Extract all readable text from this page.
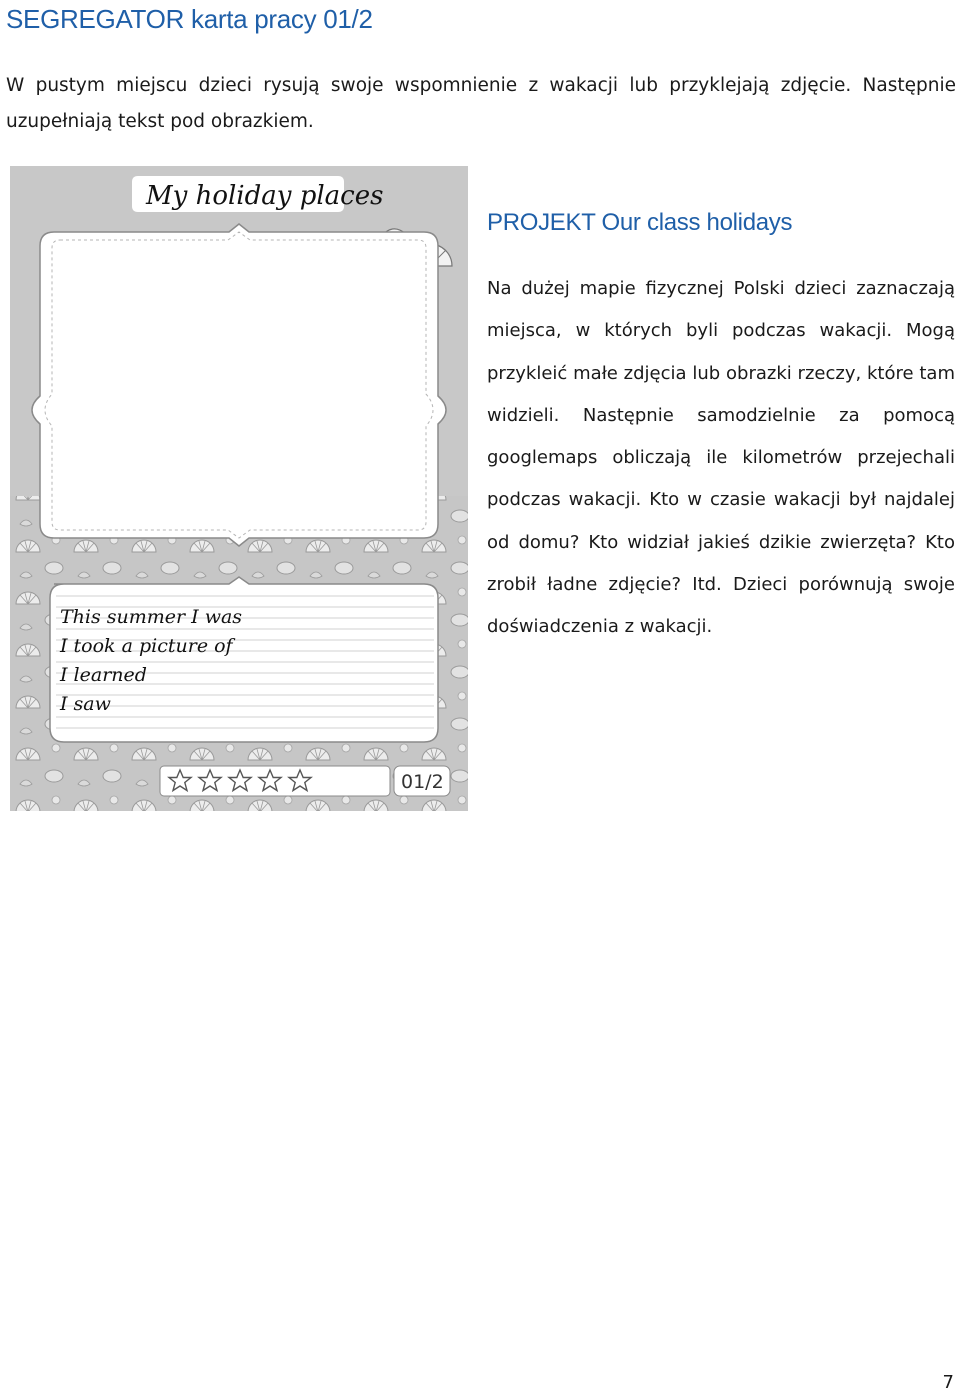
SEGREGATOR karta pracy 01/2

W pustym miejscu dzieci rysują swoje wspomnienie z wakacji lub przyklejają zdjęcie. Następnie uzupełniają tekst pod obrazkiem.

My holiday places
This summer I was
I took a picture of
I learned
I saw
01/2
PROJEKT Our class holidays

Na dużej mapie fizycznej Polski dzieci zaznaczają miejsca, w których byli podczas wakacji. Mogą przykleić małe zdjęcia lub obrazki rzeczy, które tam widzieli. Następnie samodzielnie za pomocą googlemaps obliczają ile kilometrów przejechali podczas wakacji. Kto w czasie wakacji był najdalej od domu? Kto widział jakieś dzikie zwierzęta? Kto zrobił ładne zdjęcie? Itd. Dzieci porównują swoje doświadczenia z wakacji.

7
